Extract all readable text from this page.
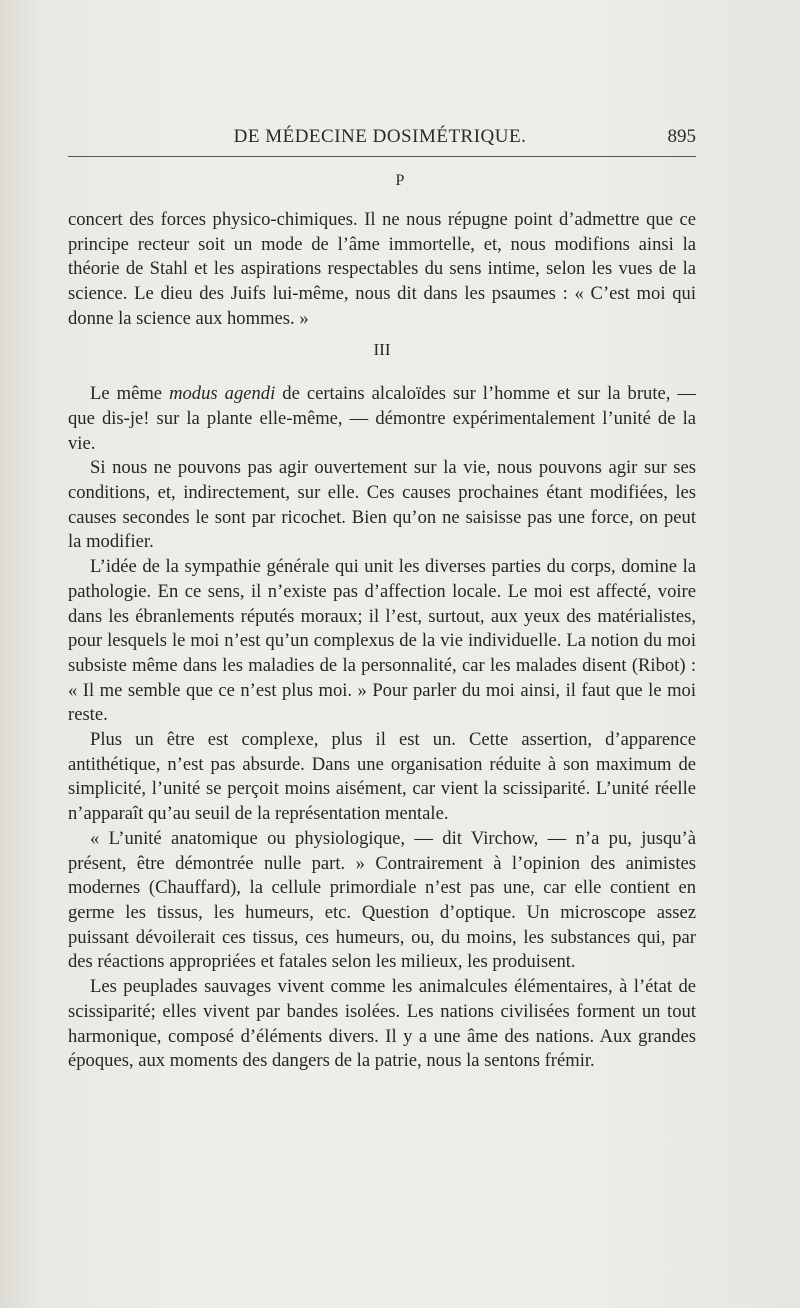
DE MÉDECINE DOSIMÉTRIQUE.	895
P

concert des forces physico-chimiques. Il ne nous répugne point d’admettre que ce principe recteur soit un mode de l’âme immortelle, et, nous modifions ainsi la théorie de Stahl et les aspirations respectables du sens intime, selon les vues de la science. Le dieu des Juifs lui-même, nous dit dans les psaumes : « C’est moi qui donne la science aux hommes. »

III

Le même modus agendi de certains alcaloïdes sur l’homme et sur la brute, — que dis-je! sur la plante elle-même, — démontre expérimentalement l’unité de la vie.

Si nous ne pouvons pas agir ouvertement sur la vie, nous pouvons agir sur ses conditions, et, indirectement, sur elle. Ces causes prochaines étant modifiées, les causes secondes le sont par ricochet. Bien qu’on ne saisisse pas une force, on peut la modifier.

L’idée de la sympathie générale qui unit les diverses parties du corps, domine la pathologie. En ce sens, il n’existe pas d’affection locale. Le moi est affecté, voire dans les ébranlements réputés moraux; il l’est, surtout, aux yeux des matérialistes, pour lesquels le moi n’est qu’un complexus de la vie individuelle. La notion du moi subsiste même dans les maladies de la personnalité, car les malades disent (Ribot) : « Il me semble que ce n’est plus moi. » Pour parler du moi ainsi, il faut que le moi reste.

Plus un être est complexe, plus il est un. Cette assertion, d’apparence antithétique, n’est pas absurde. Dans une organisation réduite à son maximum de simplicité, l’unité se perçoit moins aisément, car vient la scissiparité. L’unité réelle n’apparaît qu’au seuil de la représentation mentale.

« L’unité anatomique ou physiologique, — dit Virchow, — n’a pu, jusqu’à présent, être démontrée nulle part. » Contrairement à l’opinion des animistes modernes (Chauffard), la cellule primordiale n’est pas une, car elle contient en germe les tissus, les humeurs, etc. Question d’optique. Un microscope assez puissant dévoilerait ces tissus, ces humeurs, ou, du moins, les substances qui, par des réactions appropriées et fatales selon les milieux, les produisent.

Les peuplades sauvages vivent comme les animalcules élémentaires, à l’état de scissiparité; elles vivent par bandes isolées. Les nations civilisées forment un tout harmonique, composé d’éléments divers. Il y a une âme des nations. Aux grandes époques, aux moments des dangers de la patrie, nous la sentons frémir.
